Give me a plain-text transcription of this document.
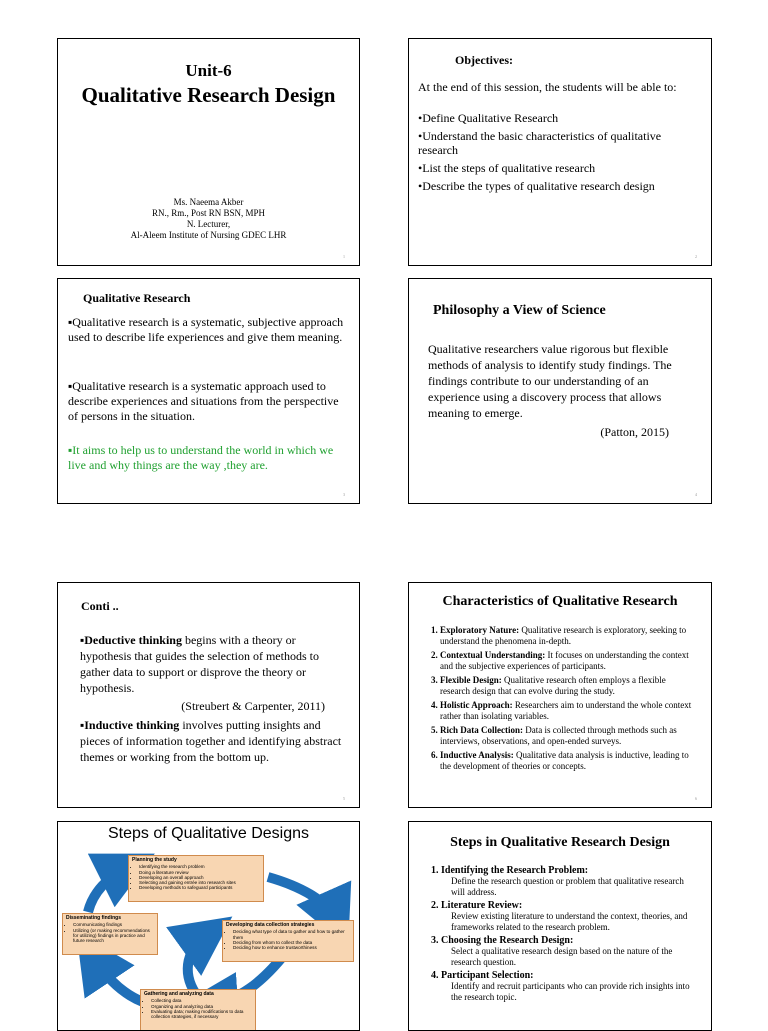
Unit-6
Qualitative Research Design
Ms. Naeema Akber
RN., Rm., Post RN BSN, MPH
N. Lecturer,
Al-Aleem Institute of Nursing GDEC LHR
1
Objectives:
At the end of this session, the students will be able to:
•Define Qualitative Research
•Understand the basic characteristics of qualitative research
•List the steps of qualitative research
•Describe the types of qualitative research design
2
Qualitative Research
▪Qualitative research is a systematic, subjective approach used to describe life experiences and give them meaning.
▪Qualitative research is a systematic approach used to describe experiences and situations from the perspective of persons in the situation.
▪It aims to help us to understand the world in which we live and why things are the way ,they are.
3
Philosophy a View of Science
Qualitative researchers value rigorous but flexible methods of analysis to identify study findings. The findings contribute to our understanding of an experience using a discovery process that allows meaning to emerge.
(Patton, 2015)
4
Conti ..
▪Deductive thinking begins with a theory or hypothesis that guides the selection of methods to gather data to support or disprove the theory or hypothesis.
(Streubert & Carpenter, 2011)
▪Inductive thinking involves putting insights and pieces of information together and identifying abstract themes or working from the bottom up.
5
Characteristics of Qualitative Research
1. Exploratory Nature: Qualitative research is exploratory, seeking to understand the phenomena in-depth.
2. Contextual Understanding: It focuses on understanding the context and the subjective experiences of participants.
3. Flexible Design: Qualitative research often employs a flexible research design that can evolve during the study.
4. Holistic Approach: Researchers aim to understand the whole context rather than isolating variables.
5. Rich Data Collection: Data is collected through methods such as interviews, observations, and open-ended surveys.
6. Inductive Analysis: Qualitative data analysis is inductive, leading to the development of theories or concepts.
6
Steps of Qualitative Designs
Planning the study
• Identifying the research problem
• Doing a literature review
• Developing an overall approach
• Selecting and gaining entrée into research sites
• Developing methods to safeguard participants
Disseminating findings
• Communicating findings
• Utilizing (or making recommendations for utilizing) findings in practice and future research
Developing data collection strategies
• Deciding what type of data to gather and how to gather them
• Deciding from whom to collect the data
• Deciding how to enhance trustworthiness
Gathering and analyzing data
• Collecting data
• Organizing and analyzing data
• Evaluating data; making modifications to data collection strategies, if necessary
Steps in Qualitative Research Design
1. Identifying the Research Problem:
Define the research question or problem that qualitative research will address.
2. Literature Review:
Review existing literature to understand the context, theories, and frameworks related to the research problem.
3. Choosing the Research Design:
Select a qualitative research design based on the nature of the research question.
4. Participant Selection:
Identify and recruit participants who can provide rich insights into the research topic.
